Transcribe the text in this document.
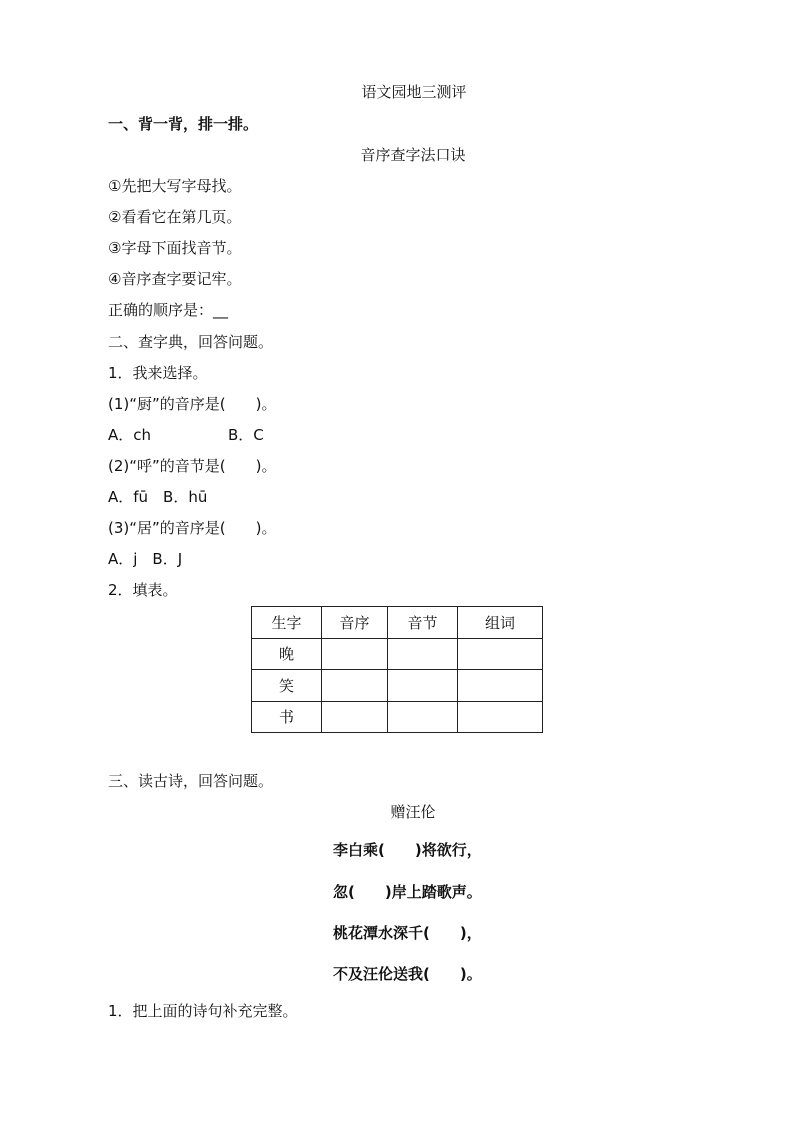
语文园地三测评
一、背一背，排一排。
音序查字法口诀
①先把大写字母找。
②看看它在第几页。
③字母下面找音节。
④音序查字要记牢。
正确的顺序是：__
二、查字典，回答问题。
1．我来选择。
(1)“厨”的音序是(　　)。
A．ch	B．C
(2)“呼”的音节是(　　)。
A．fū　B．hū
(3)“居”的音序是(　　)。
A．j　B．J
2．填表。
生字	音序	音节	组词
晚			
笑			
书			
三、读古诗，回答问题。
赠汪伦
李白乘(　　)将欲行，
忽(　　)岸上踏歌声。
桃花潭水深千(　　)，
不及汪伦送我(　　)。
1．把上面的诗句补充完整。
